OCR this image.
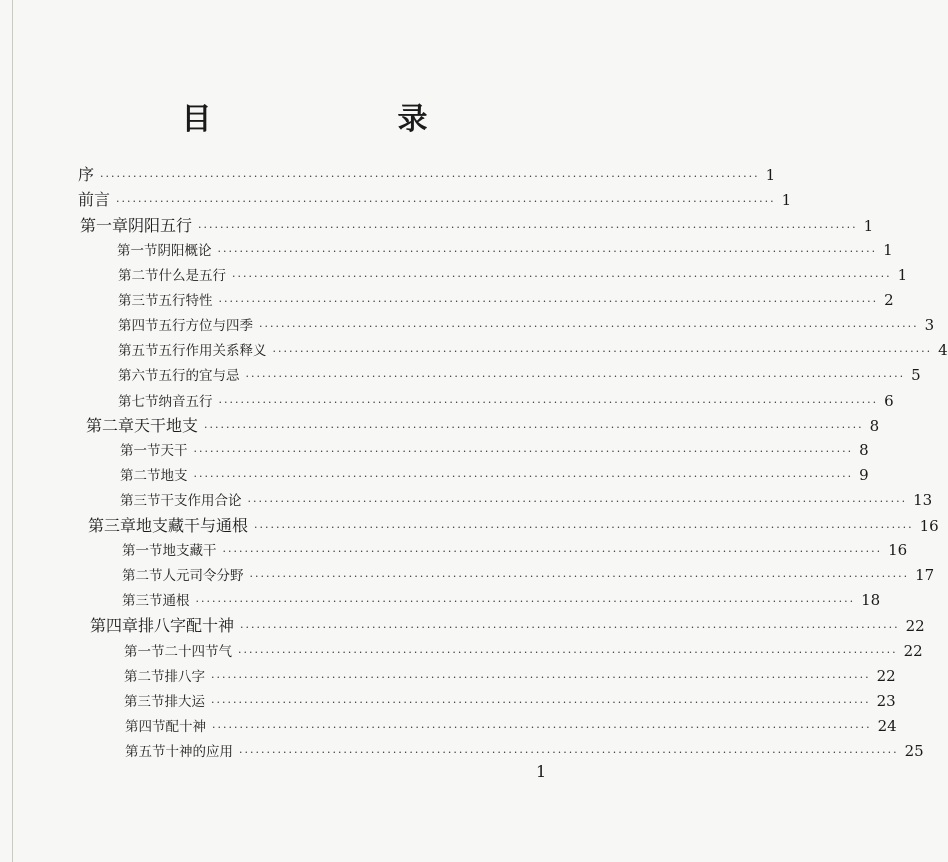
目　录
序 ························································································································ 1
前言 ························································································································ 1
第一章 阴阳五行 ························································································································ 1
第一节 阴阳概论 ························································································································ 1
第二节 什么是五行 ························································································································ 1
第三节 五行特性 ························································································································ 2
第四节 五行方位与四季 ························································································································ 3
第五节 五行作用关系释义 ························································································································ 4
第六节 五行的宜与忌 ························································································································ 5
第七节 纳音五行 ························································································································ 6
第二章 天干地支 ························································································································ 8
第一节 天干 ························································································································ 8
第二节 地支 ························································································································ 9
第三节 干支作用合论 ························································································································ 13
第三章 地支藏干与通根 ························································································································ 16
第一节 地支藏干 ························································································································ 16
第二节 人元司令分野 ························································································································ 17
第三节 通根 ························································································································ 18
第四章 排八字配十神 ························································································································ 22
第一节 二十四节气 ························································································································ 22
第二节 排八字 ························································································································ 22
第三节 排大运 ························································································································ 23
第四节 配十神 ························································································································ 24
第五节 十神的应用 ························································································································ 25
1
